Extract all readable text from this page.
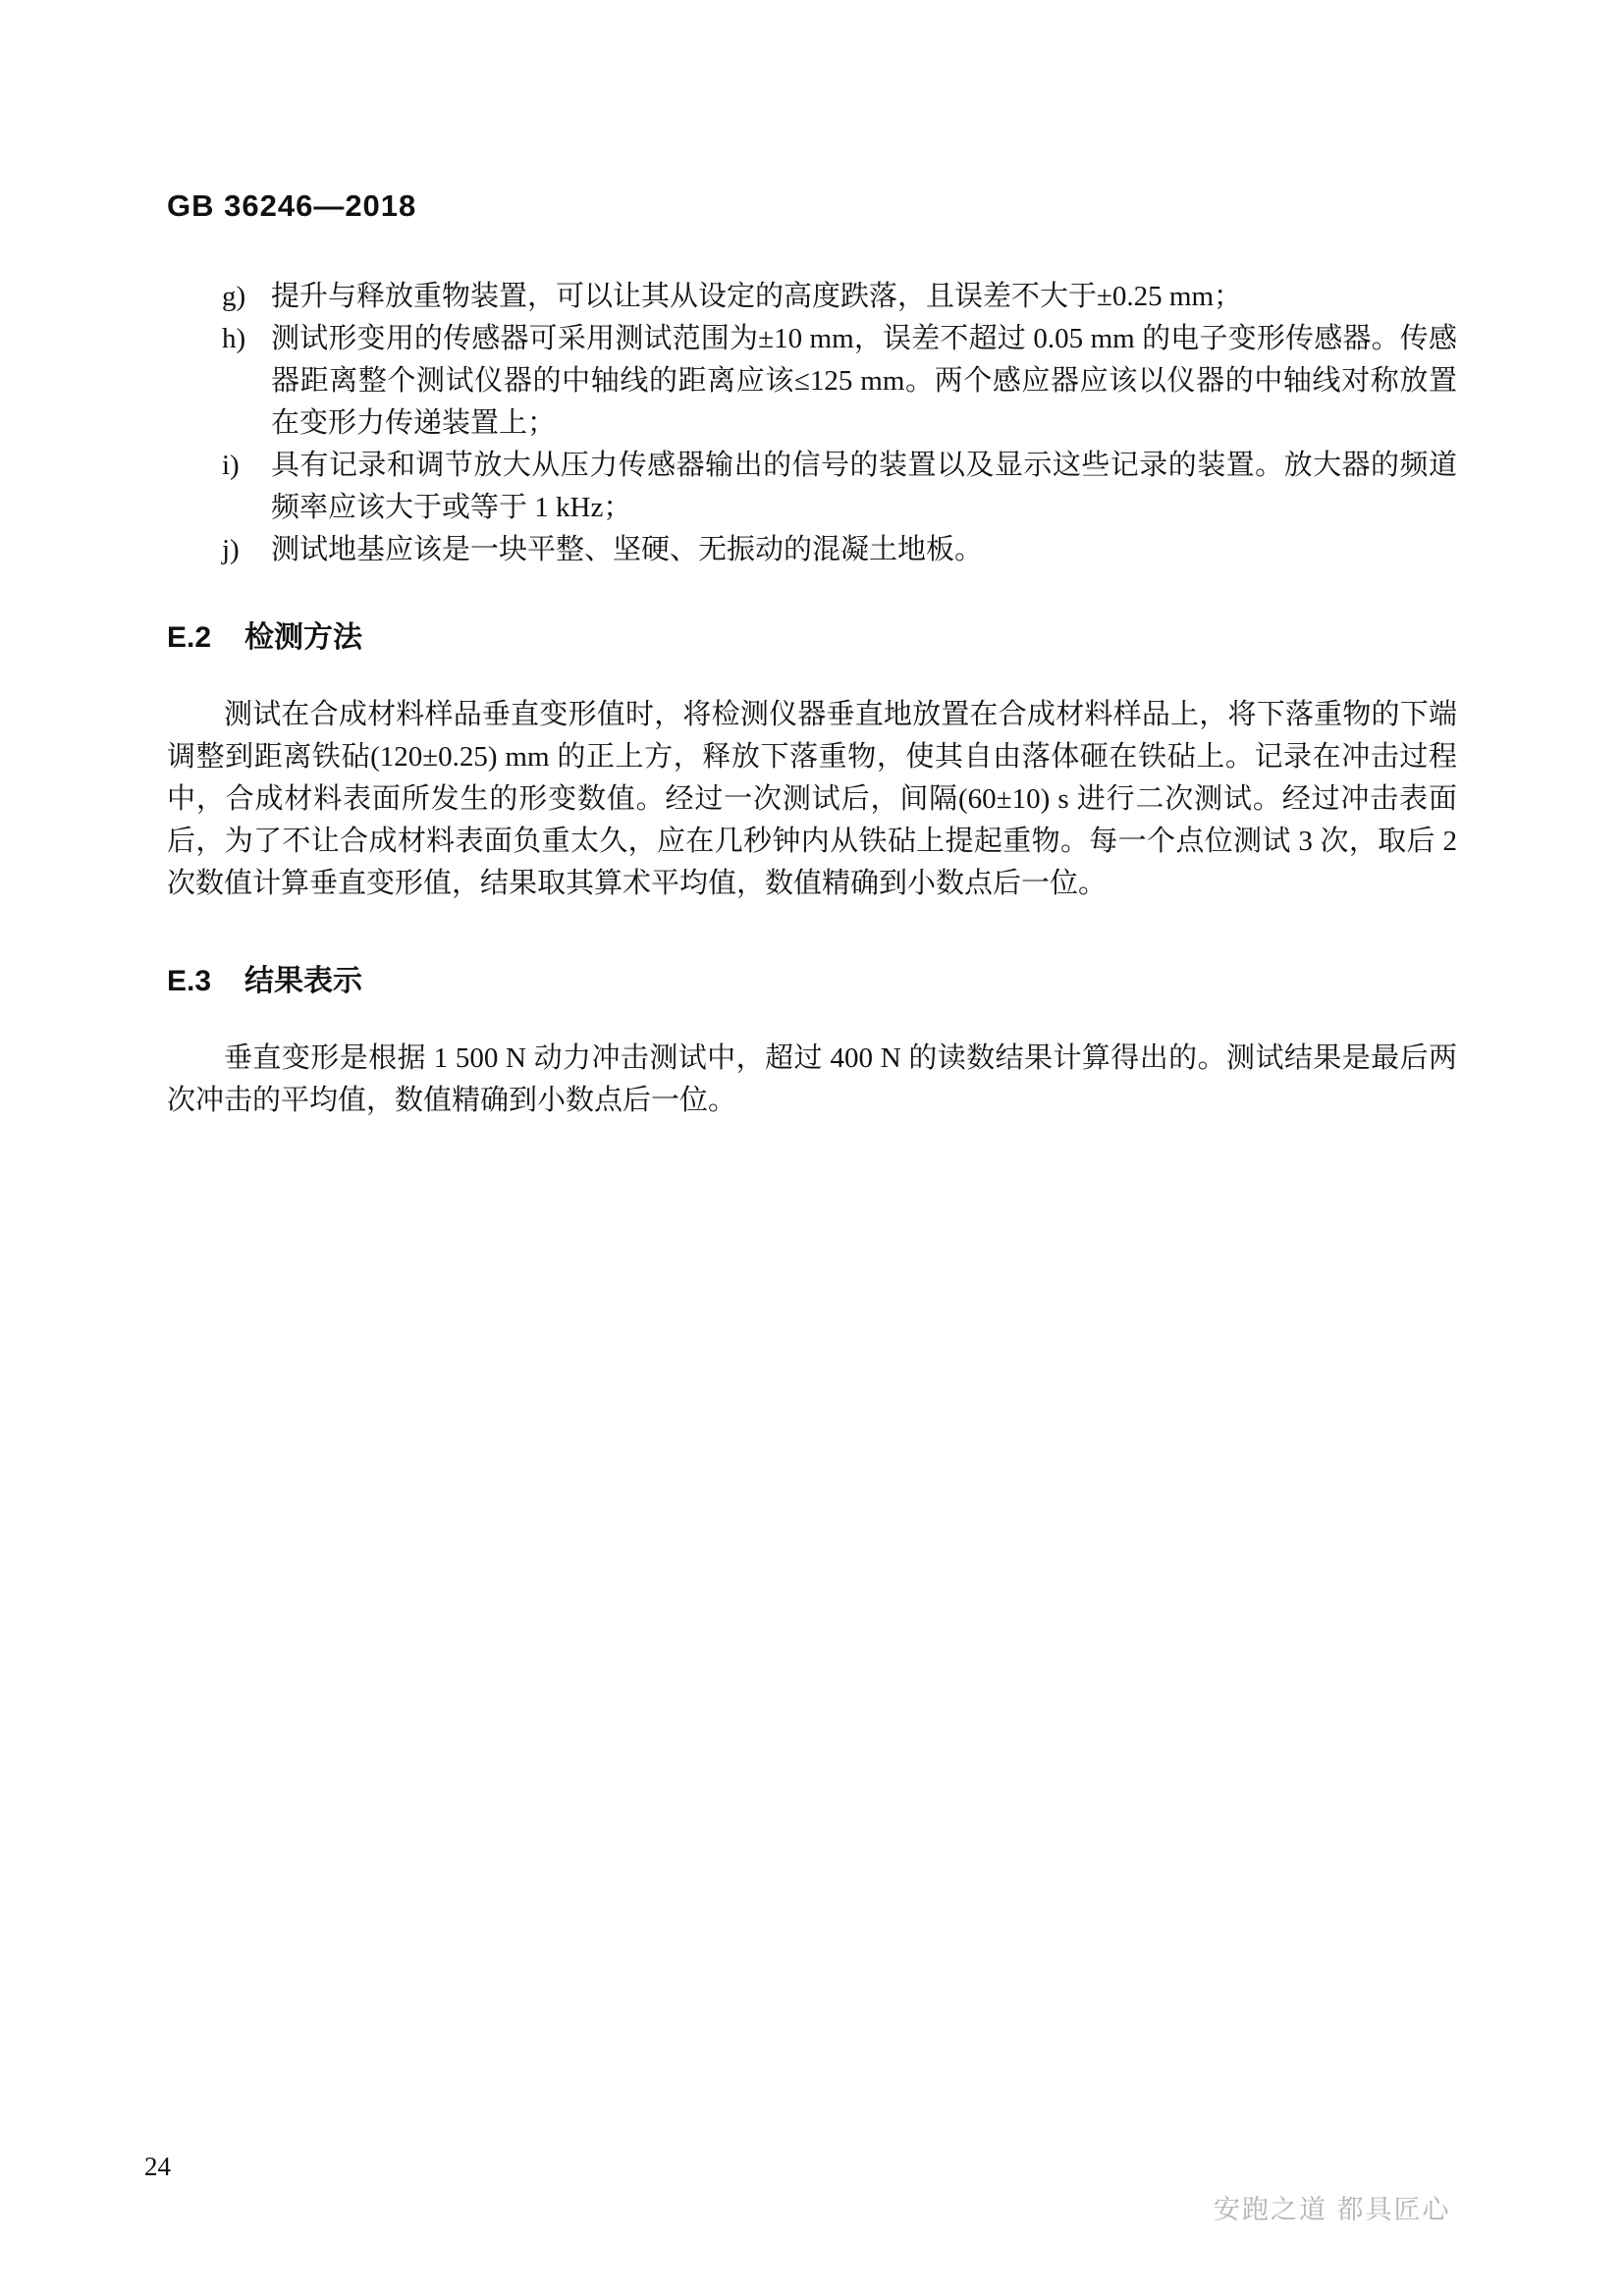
GB 36246—2018
g) 提升与释放重物装置，可以让其从设定的高度跌落，且误差不大于±0.25 mm；
h) 测试形变用的传感器可采用测试范围为±10 mm，误差不超过 0.05 mm 的电子变形传感器。传感器距离整个测试仪器的中轴线的距离应该≤125 mm。两个感应器应该以仪器的中轴线对称放置在变形力传递装置上；
i)	具有记录和调节放大从压力传感器输出的信号的装置以及显示这些记录的装置。放大器的频道频率应该大于或等于 1 kHz；
j)	测试地基应该是一块平整、坚硬、无振动的混凝土地板。
E.2 检测方法
测试在合成材料样品垂直变形值时，将检测仪器垂直地放置在合成材料样品上，将下落重物的下端调整到距离铁砧(120±0.25) mm 的正上方，释放下落重物，使其自由落体砸在铁砧上。记录在冲击过程中，合成材料表面所发生的形变数值。经过一次测试后，间隔(60±10) s 进行二次测试。经过冲击表面后，为了不让合成材料表面负重太久，应在几秒钟内从铁砧上提起重物。每一个点位测试 3 次，取后 2 次数值计算垂直变形值，结果取其算术平均值，数值精确到小数点后一位。
E.3 结果表示
垂直变形是根据 1 500 N 动力冲击测试中，超过 400 N 的读数结果计算得出的。测试结果是最后两次冲击的平均值，数值精确到小数点后一位。
24
安跑之道 都具匠心
